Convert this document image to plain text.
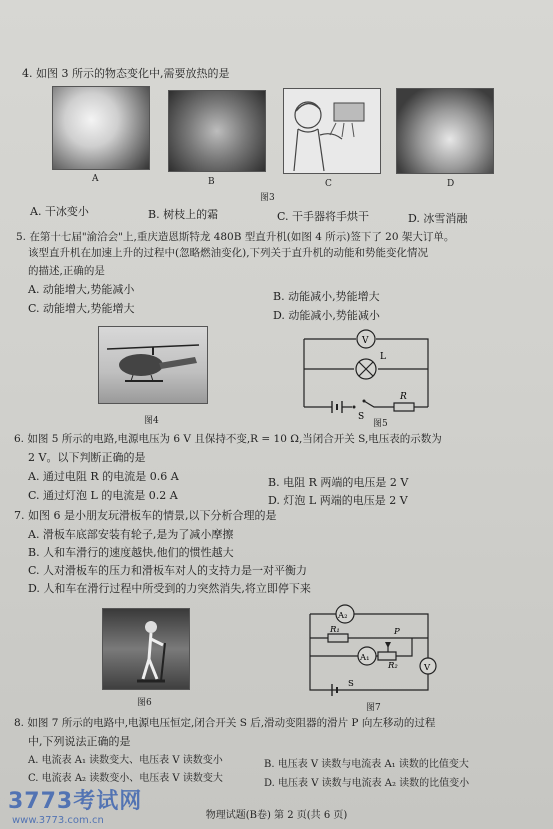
4. 如图 3 所示的物态变化中,需要放热的是
A	B	C	D
图3
A. 干冰变小	B. 树枝上的霜	C. 干手器将手烘干	D. 冰雪消融
5. 在第十七届"渝洽会"上,重庆造恩斯特龙 480B 型直升机(如图 4 所示)签下了 20 架大订单。
该型直升机在加速上升的过程中(忽略燃油变化),下列关于直升机的动能和势能变化情况
的描述,正确的是
A. 动能增大,势能减小
B. 动能减小,势能增大
C. 动能增大,势能增大
D. 动能减小,势能减小
图4
V
L
S
R
图5
6. 如图 5 所示的电路,电源电压为 6 V 且保持不变,R = 10 Ω,当闭合开关 S,电压表的示数为
2 V。以下判断正确的是
A. 通过电阻 R 的电流是 0.6 A	B. 电阻 R 两端的电压是 2 V
C. 通过灯泡 L 的电流是 0.2 A	D. 灯泡 L 两端的电压是 2 V
7. 如图 6 是小朋友玩滑板车的情景,以下分析合理的是
A. 滑板车底部安装有轮子,是为了减小摩擦
B. 人和车滑行的速度越快,他们的惯性越大
C. 人对滑板车的压力和滑板车对人的支持力是一对平衡力
D. 人和车在滑行过程中所受到的力突然消失,将立即停下来
图6
A₂
R₁	P
A₁
R₂	V
S
图7
8. 如图 7 所示的电路中,电源电压恒定,闭合开关 S 后,滑动变阻器的滑片 P 向左移动的过程
中,下列说法正确的是
A. 电流表 A₁ 读数变大、电压表 V 读数变小	B. 电压表 V 读数与电流表 A₁ 读数的比值变大
C. 电流表 A₂ 读数变小、电压表 V 读数变大	D. 电压表 V 读数与电流表 A₂ 读数的比值变小
物理试题(B卷) 第 2 页(共 6 页)
3773考试网
www.3773.com.cn
